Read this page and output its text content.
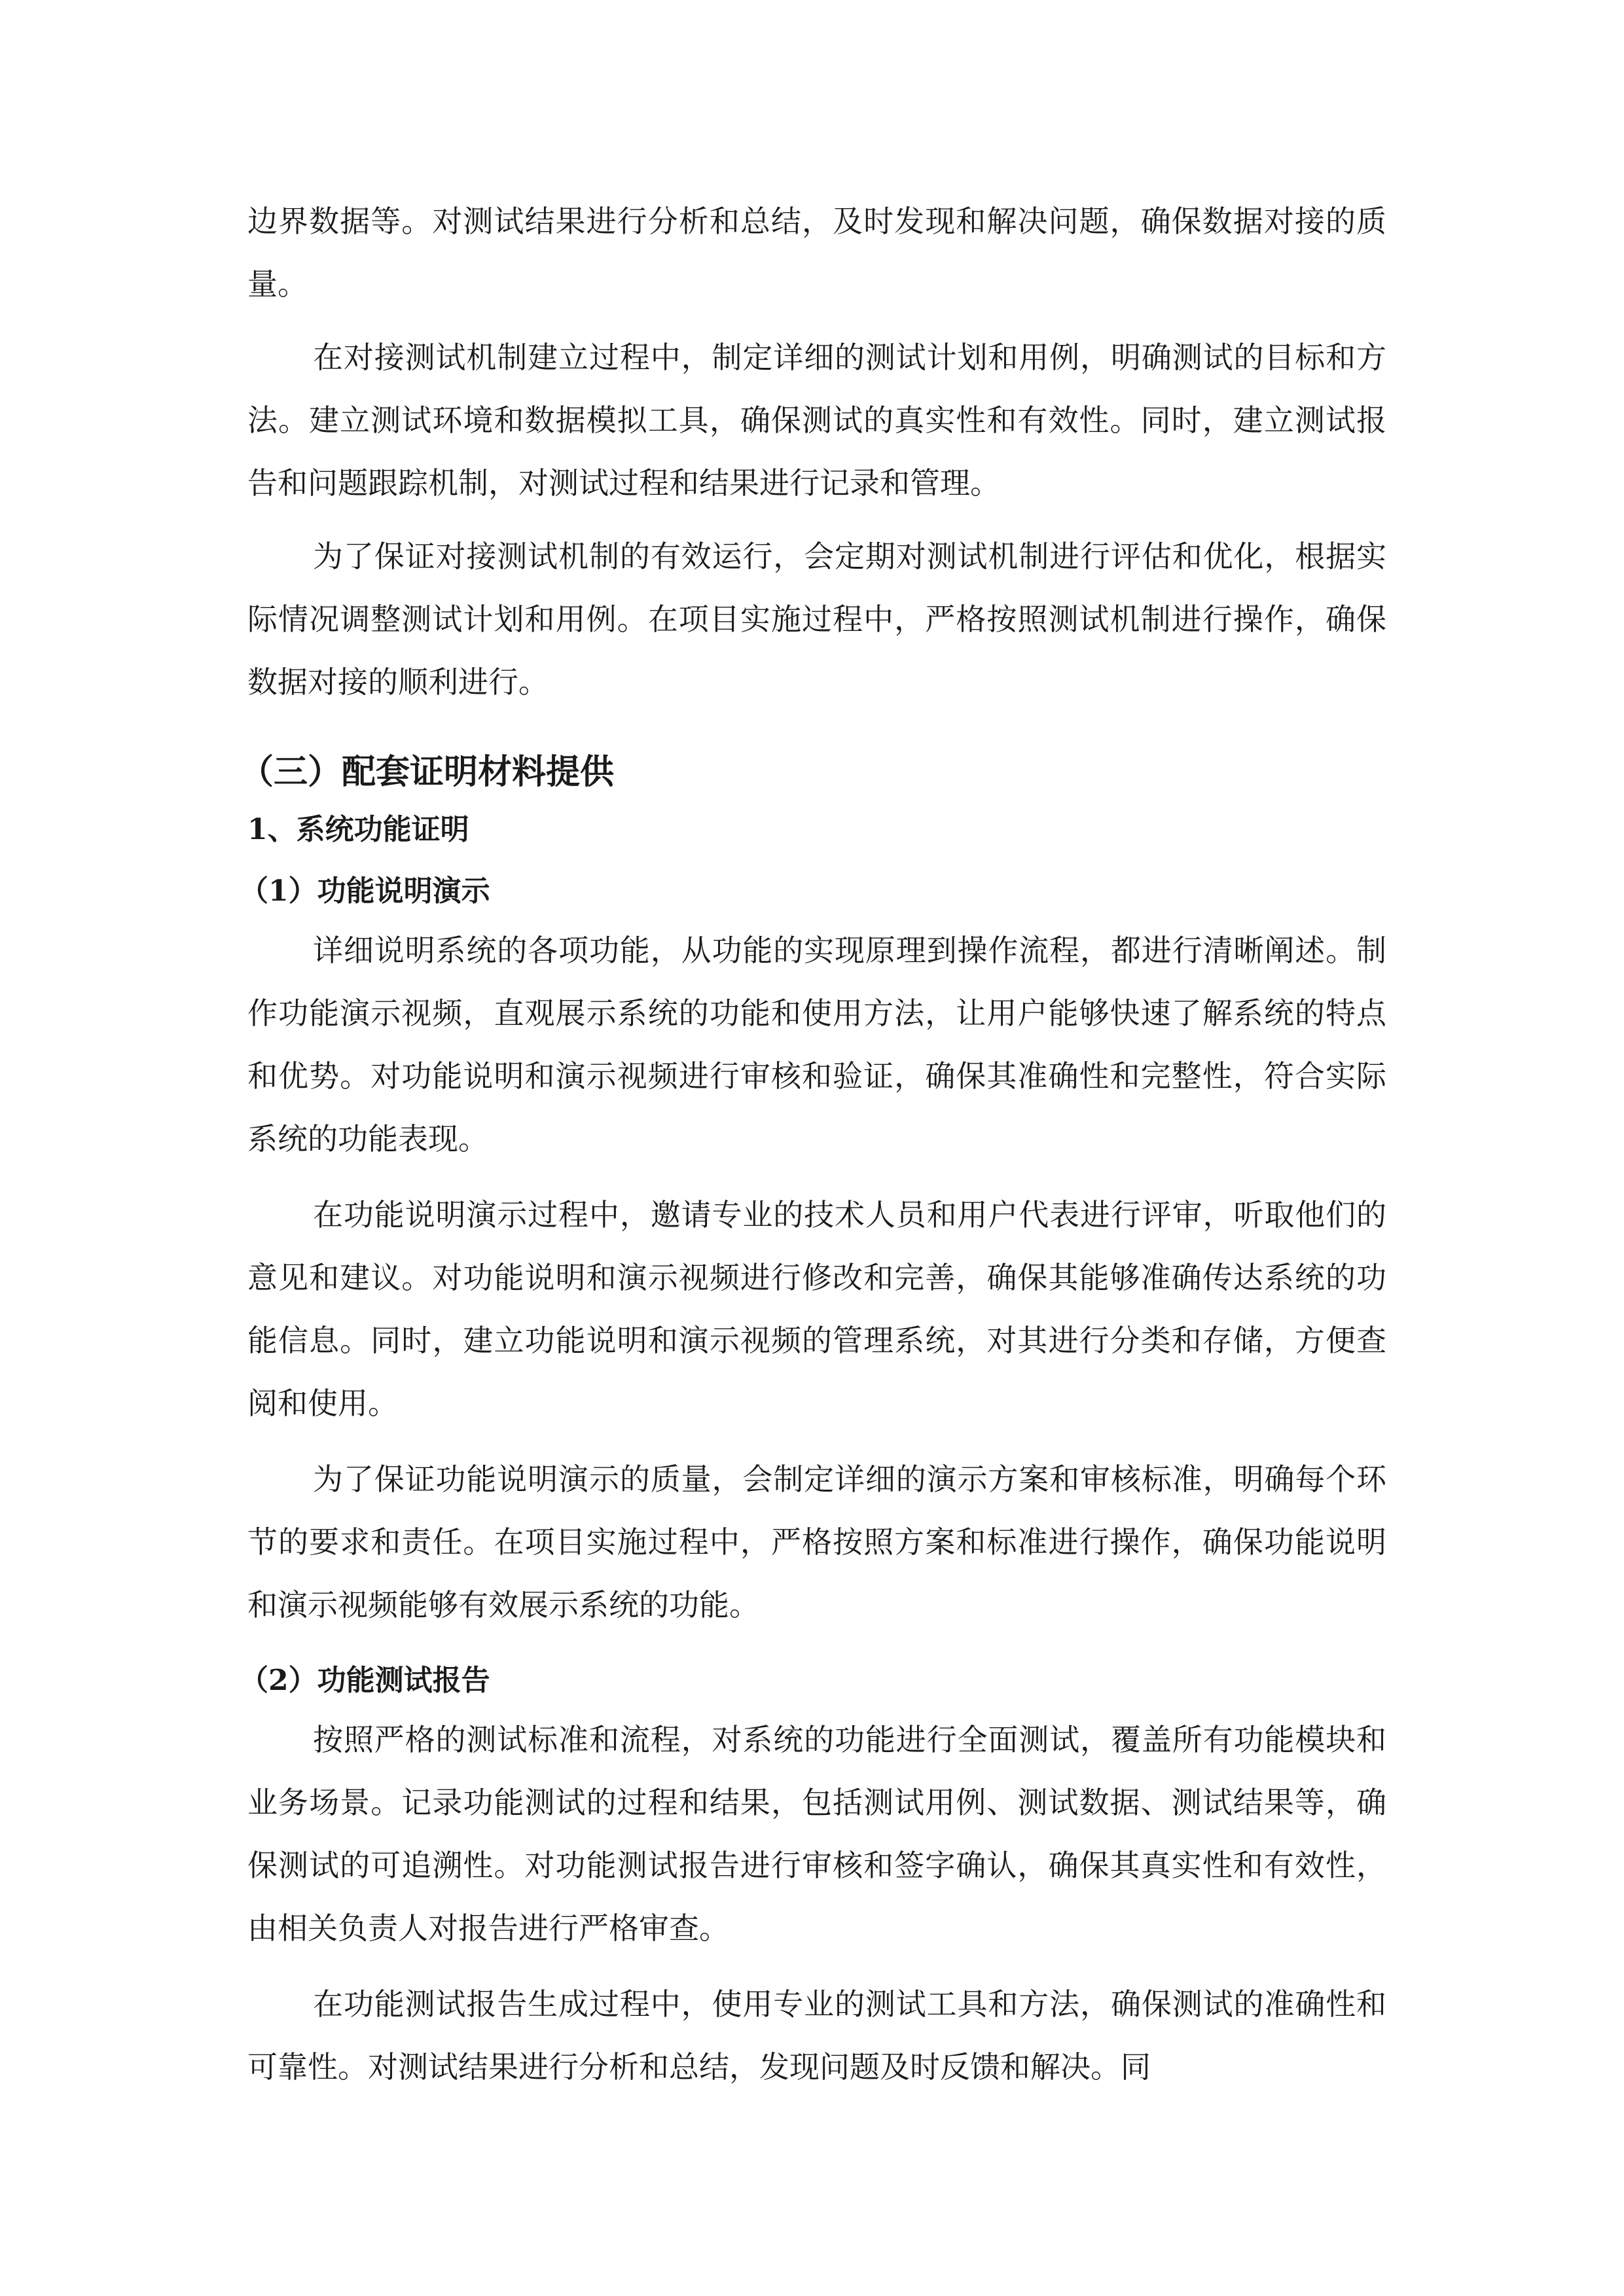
边界数据等。对测试结果进行分析和总结，及时发现和解决问题，确保数据对接的质量。

在对接测试机制建立过程中，制定详细的测试计划和用例，明确测试的目标和方法。建立测试环境和数据模拟工具，确保测试的真实性和有效性。同时，建立测试报告和问题跟踪机制，对测试过程和结果进行记录和管理。

为了保证对接测试机制的有效运行，会定期对测试机制进行评估和优化，根据实际情况调整测试计划和用例。在项目实施过程中，严格按照测试机制进行操作，确保数据对接的顺利进行。

（三）配套证明材料提供
1、系统功能证明
（1）功能说明演示

详细说明系统的各项功能，从功能的实现原理到操作流程，都进行清晰阐述。制作功能演示视频，直观展示系统的功能和使用方法，让用户能够快速了解系统的特点和优势。对功能说明和演示视频进行审核和验证，确保其准确性和完整性，符合实际系统的功能表现。

在功能说明演示过程中，邀请专业的技术人员和用户代表进行评审，听取他们的意见和建议。对功能说明和演示视频进行修改和完善，确保其能够准确传达系统的功能信息。同时，建立功能说明和演示视频的管理系统，对其进行分类和存储，方便查阅和使用。

为了保证功能说明演示的质量，会制定详细的演示方案和审核标准，明确每个环节的要求和责任。在项目实施过程中，严格按照方案和标准进行操作，确保功能说明和演示视频能够有效展示系统的功能。

（2）功能测试报告

按照严格的测试标准和流程，对系统的功能进行全面测试，覆盖所有功能模块和业务场景。记录功能测试的过程和结果，包括测试用例、测试数据、测试结果等，确保测试的可追溯性。对功能测试报告进行审核和签字确认，确保其真实性和有效性，由相关负责人对报告进行严格审查。

在功能测试报告生成过程中，使用专业的测试工具和方法，确保测试的准确性和可靠性。对测试结果进行分析和总结，发现问题及时反馈和解决。同
